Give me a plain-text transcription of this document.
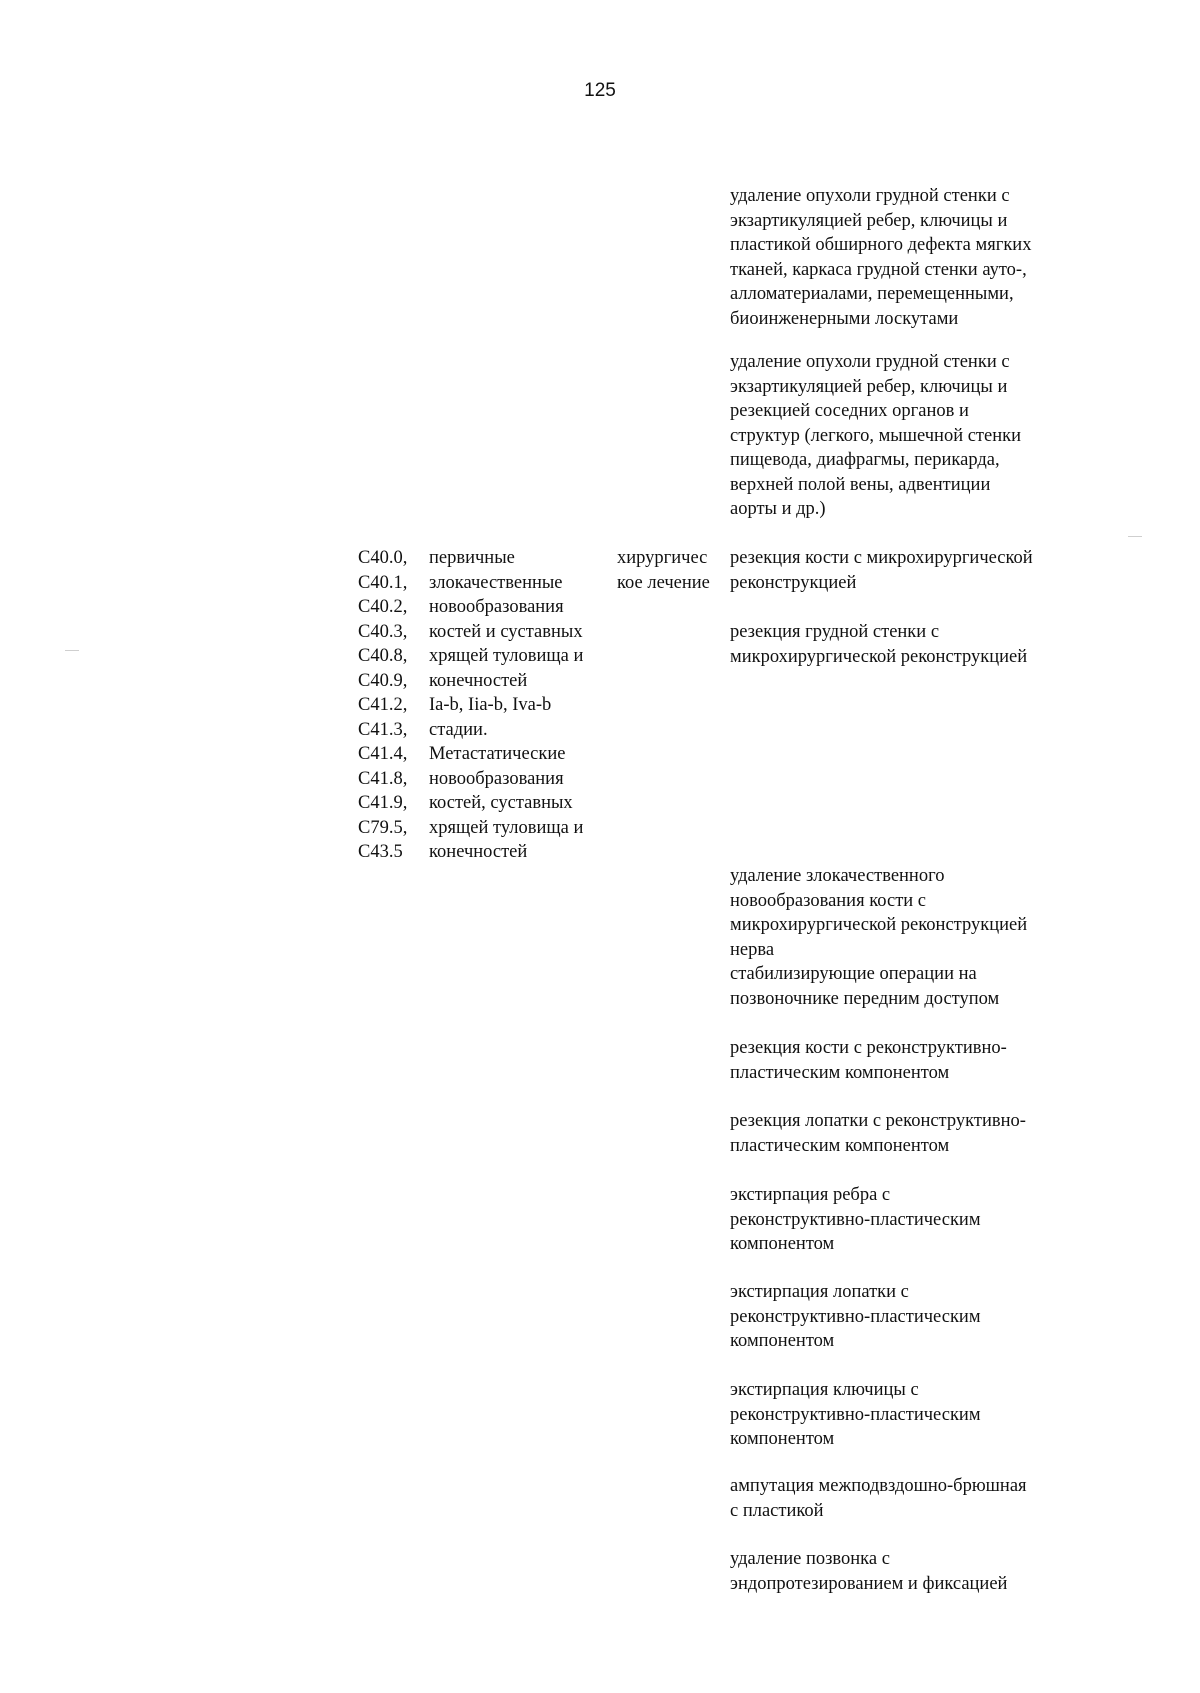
125
удаление опухоли грудной стенки с
экзартикуляцией ребер, ключицы и
пластикой обширного дефекта мягких
тканей, каркаса грудной стенки ауто-,
алломатериалами, перемещенными,
биоинженерными лоскутами
удаление опухоли грудной стенки с
экзартикуляцией ребер, ключицы и
резекцией соседних органов и
структур (легкого, мышечной стенки
пищевода, диафрагмы, перикарда,
верхней полой вены, адвентиции
аорты и др.)
C40.0,
C40.1,
C40.2,
C40.3,
C40.8,
C40.9,
C41.2,
C41.3,
C41.4,
C41.8,
C41.9,
C79.5,
C43.5
первичные
злокачественные
новообразования
костей и суставных
хрящей туловища и
конечностей
Ia-b, Iia-b, Iva-b
стадии.
Метастатические
новообразования
костей, суставных
хрящей туловища и
конечностей
хирургичес
кое лечение
резекция кости с микрохирургической
реконструкцией
резекция грудной стенки с
микрохирургической реконструкцией
удаление злокачественного
новообразования кости с
микрохирургической реконструкцией
нерва
стабилизирующие операции на
позвоночнике передним доступом
резекция кости с реконструктивно-
пластическим компонентом
резекция лопатки с реконструктивно-
пластическим компонентом
экстирпация ребра с
реконструктивно-пластическим
компонентом
экстирпация лопатки с
реконструктивно-пластическим
компонентом
экстирпация ключицы с
реконструктивно-пластическим
компонентом
ампутация межподвздошно-брюшная
с пластикой
удаление позвонка с
эндопротезированием и фиксацией
